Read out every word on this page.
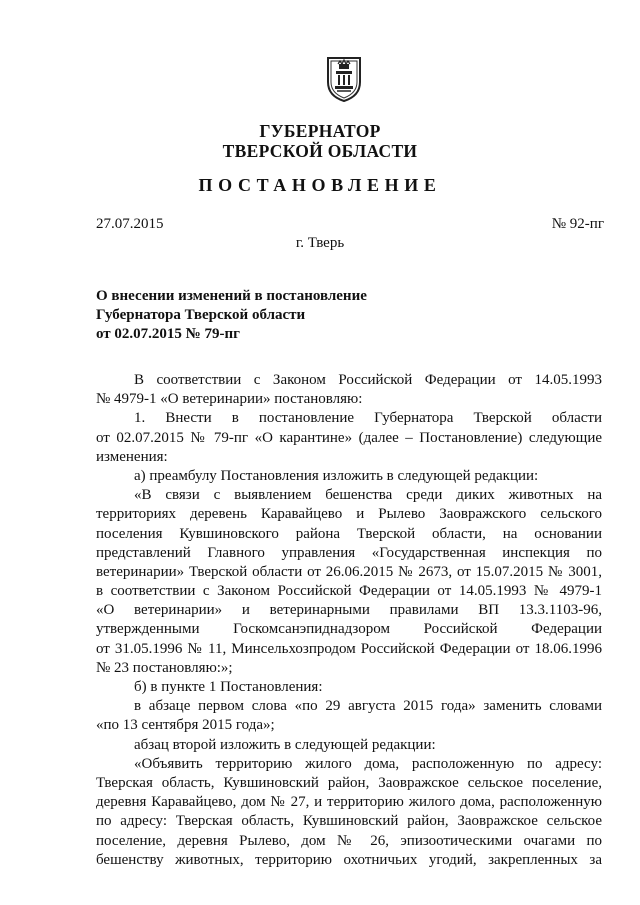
ГУБЕРНАТОР
ТВЕРСКОЙ ОБЛАСТИ
ПОСТАНОВЛЕНИЕ
27.07.2015	№ 92-пг
г. Тверь
О внесении изменений в постановление
Губернатора Тверской области
от 02.07.2015 № 79-пг
В соответствии с Законом Российской Федерации от 14.05.1993
№ 4979-1 «О ветеринарии» постановляю:
1. Внести в постановление Губернатора Тверской области
от 02.07.2015 № 79-пг «О карантине» (далее – Постановление) следующие
изменения:
а) преамбулу Постановления изложить в следующей редакции:
«В связи с выявлением бешенства среди диких животных на
территориях деревень Каравайцево и Рылево Заовражского сельского
поселения Кувшиновского района Тверской области, на основании
представлений Главного управления «Государственная инспекция по
ветеринарии» Тверской области от 26.06.2015 № 2673, от 15.07.2015 № 3001,
в соответствии с Законом Российской Федерации от 14.05.1993 № 4979-1
«О ветеринарии» и ветеринарными правилами ВП 13.3.1103-96,
утвержденными Госкомсанэпиднадзором Российской Федерации
от 31.05.1996 № 11, Минсельхозпродом Российской Федерации от 18.06.1996
№ 23 постановляю:»;
б) в пункте 1 Постановления:
в абзаце первом слова «по 29 августа 2015 года» заменить словами
«по 13 сентября 2015 года»;
абзац второй изложить в следующей редакции:
«Объявить территорию жилого дома, расположенную по адресу:
Тверская область, Кувшиновский район, Заовражское сельское поселение,
деревня Каравайцево, дом № 27, и территорию жилого дома, расположенную
по адресу: Тверская область, Кувшиновский район, Заовражское сельское
поселение, деревня Рылево, дом № 26, эпизоотическими очагами по
бешенству животных, территорию охотничьих угодий, закрепленных за
